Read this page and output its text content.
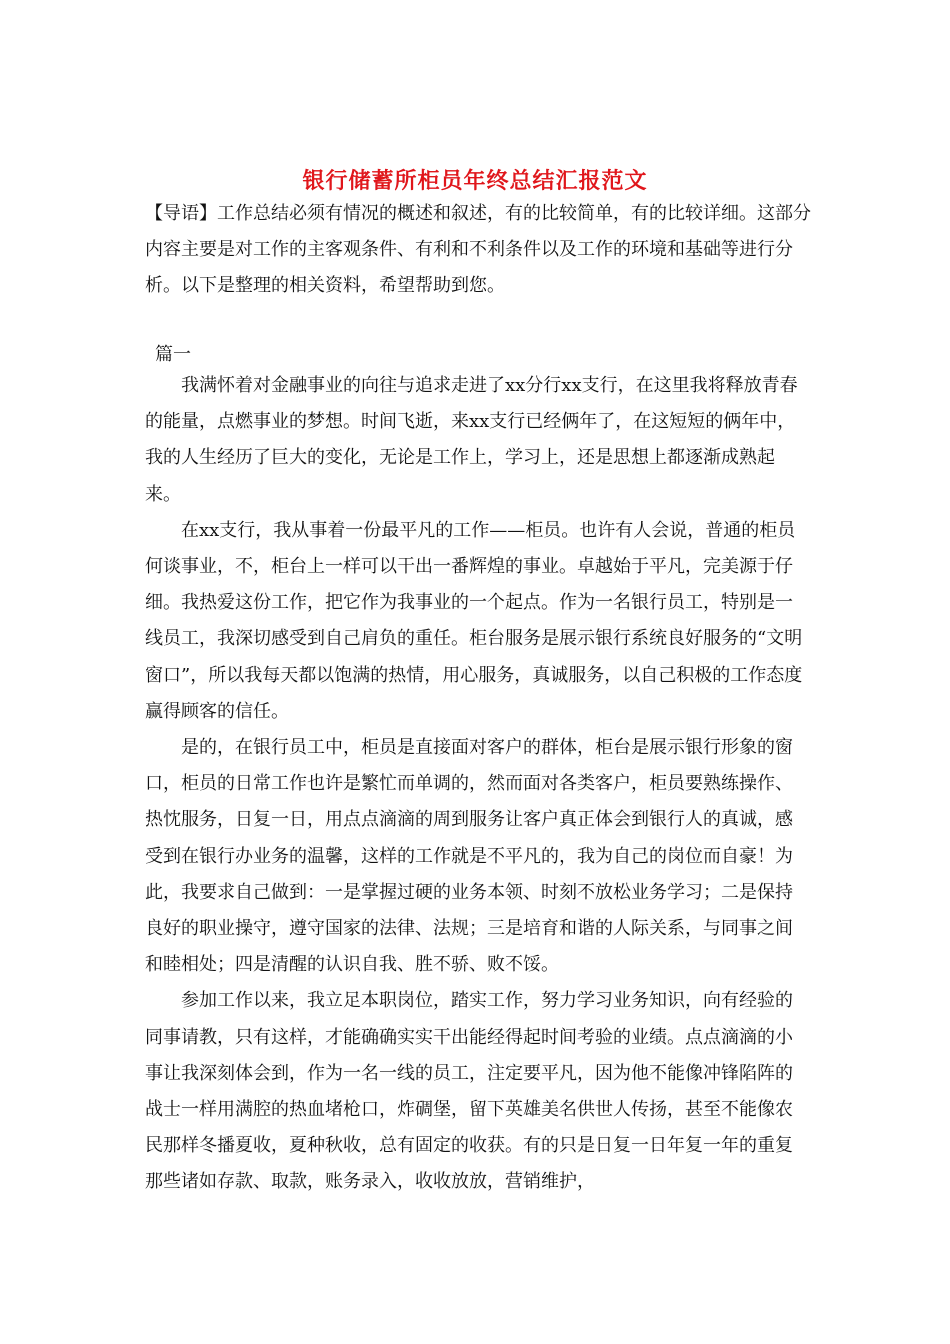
银行储蓄所柜员年终总结汇报范文

【导语】工作总结必须有情况的概述和叙述，有的比较简单，有的比较详细。这部分内容主要是对工作的主客观条件、有利和不利条件以及工作的环境和基础等进行分析。以下是整理的相关资料，希望帮助到您。

篇一

我满怀着对金融事业的向往与追求走进了xx分行xx支行，在这里我将释放青春的能量，点燃事业的梦想。时间飞逝，来xx支行已经俩年了，在这短短的俩年中，我的人生经历了巨大的变化，无论是工作上，学习上，还是思想上都逐渐成熟起来。

在xx支行，我从事着一份最平凡的工作——柜员。也许有人会说，普通的柜员何谈事业，不，柜台上一样可以干出一番辉煌的事业。卓越始于平凡，完美源于仔细。我热爱这份工作，把它作为我事业的一个起点。作为一名银行员工，特别是一线员工，我深切感受到自己肩负的重任。柜台服务是展示银行系统良好服务的“文明窗口”，所以我每天都以饱满的热情，用心服务，真诚服务，以自己积极的工作态度赢得顾客的信任。

是的，在银行员工中，柜员是直接面对客户的群体，柜台是展示银行形象的窗口，柜员的日常工作也许是繁忙而单调的，然而面对各类客户，柜员要熟练操作、热忱服务，日复一日，用点点滴滴的周到服务让客户真正体会到银行人的真诚，感受到在银行办业务的温馨，这样的工作就是不平凡的，我为自己的岗位而自豪！为此，我要求自己做到：一是掌握过硬的业务本领、时刻不放松业务学习；二是保持良好的职业操守，遵守国家的法律、法规；三是培育和谐的人际关系，与同事之间和睦相处；四是清醒的认识自我、胜不骄、败不馁。

参加工作以来，我立足本职岗位，踏实工作，努力学习业务知识，向有经验的同事请教，只有这样，才能确确实实干出能经得起时间考验的业绩。点点滴滴的小事让我深刻体会到，作为一名一线的员工，注定要平凡，因为他不能像冲锋陷阵的战士一样用满腔的热血堵枪口，炸碉堡，留下英雄美名供世人传扬，甚至不能像农民那样冬播夏收，夏种秋收，总有固定的收获。有的只是日复一日年复一年的重复那些诸如存款、取款，账务录入，收收放放，营销维护，
